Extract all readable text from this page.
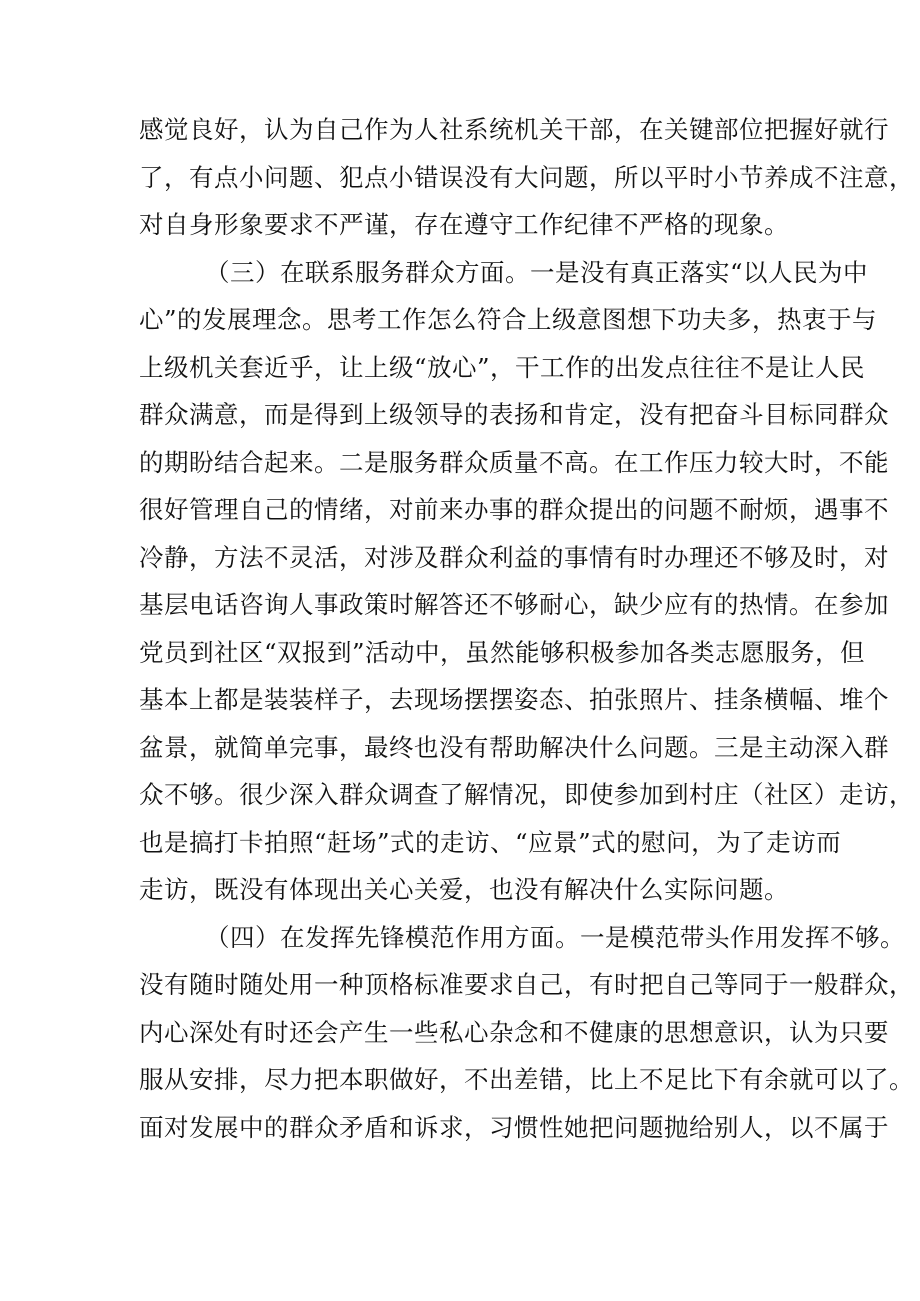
感觉良好，认为自己作为人社系统机关干部，在关键部位把握好就行
了，有点小问题、犯点小错误没有大问题，所以平时小节养成不注意，
对自身形象要求不严谨，存在遵守工作纪律不严格的现象。
（三）在联系服务群众方面。一是没有真正落实“以人民为中
心”的发展理念。思考工作怎么符合上级意图想下功夫多，热衷于与
上级机关套近乎，让上级“放心”，干工作的出发点往往不是让人民
群众满意，而是得到上级领导的表扬和肯定，没有把奋斗目标同群众
的期盼结合起来。二是服务群众质量不高。在工作压力较大时，不能
很好管理自己的情绪，对前来办事的群众提出的问题不耐烦，遇事不
冷静，方法不灵活，对涉及群众利益的事情有时办理还不够及时，对
基层电话咨询人事政策时解答还不够耐心，缺少应有的热情。在参加
党员到社区“双报到”活动中，虽然能够积极参加各类志愿服务，但
基本上都是装装样子，去现场摆摆姿态、拍张照片、挂条横幅、堆个
盆景，就简单完事，最终也没有帮助解决什么问题。三是主动深入群
众不够。很少深入群众调查了解情况，即使参加到村庄（社区）走访，
也是搞打卡拍照“赶场”式的走访、“应景”式的慰问，为了走访而
走访，既没有体现出关心关爱，也没有解决什么实际问题。
（四）在发挥先锋模范作用方面。一是模范带头作用发挥不够。
没有随时随处用一种顶格标准要求自己，有时把自己等同于一般群众，
内心深处有时还会产生一些私心杂念和不健康的思想意识，认为只要
服从安排，尽力把本职做好，不出差错，比上不足比下有余就可以了。
面对发展中的群众矛盾和诉求，习惯性她把问题抛给别人，以不属于
